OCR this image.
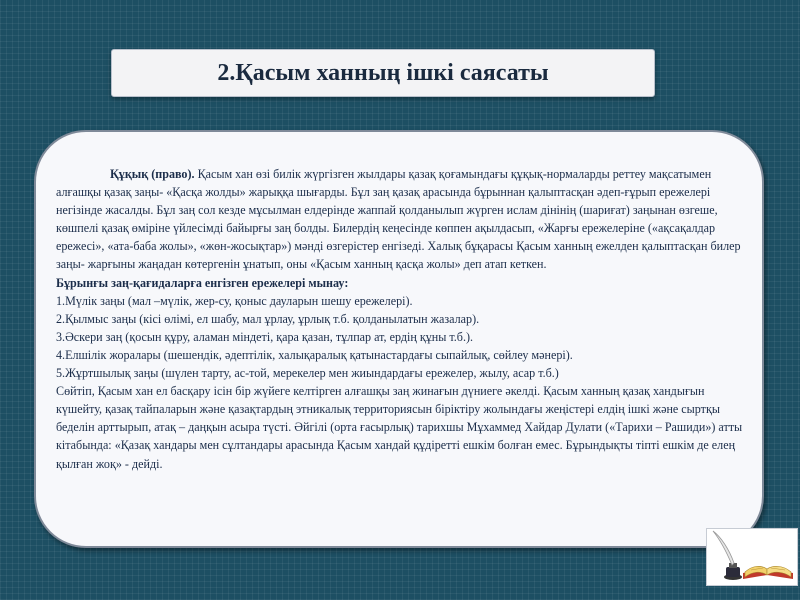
2.Қасым ханның ішкі саясаты

Құқық (право). Қасым хан өзі билік жүргізген жылдары қазақ қоғамындағы құқық-нормаларды реттеу мақсатымен алғашқы қазақ заңы- «Қасқа жолды» жарыққа шығарды. Бұл заң қазақ арасында бұрыннан қалыптасқан әдеп-ғұрып ережелері негізінде жасалды. Бұл заң сол кезде мұсылман елдерінде жаппай қолданылып жүрген ислам дінінің (шариғат) заңынан өзгеше, көшпелі қазақ өміріне үйлесімді байырғы заң болды. Билердің кеңесінде көппен ақылдасып, «Жарғы ережелеріне («ақсақалдар ережесі», «ата-баба жолы», «жөн-жосықтар») мәнді өзгерістер енгізеді. Халық бұқарасы Қасым ханның ежелден қалыптасқан билер заңы- жарғыны жаңадан көтергенін ұнатып, оны «Қасым ханның қасқа жолы» деп атап кеткен.

Бұрынғы заң-қағидаларға енгізген ережелері мынау:

1.Мүлік заңы (мал –мүлік, жер-су, қоныс дауларын шешу ережелері).

2.Қылмыс заңы (кісі өлімі, ел шабу, мал ұрлау, ұрлық т.б. қолданылатын жазалар).

3.Әскери заң (қосын құру, аламан міндеті, қара қазан, тұлпар ат, ердің құны т.б.).

4.Елшілік жоралары (шешендік, әдептілік, халықаралық қатынастардағы сыпайлық, сөйлеу мәнері).

5.Жұртшылық заңы (шүлен тарту, ас-той, мерекелер мен жиындардағы ережелер, жылу, асар т.б.)

Сөйтіп, Қасым хан ел басқару ісін бір жүйеге келтірген алғашқы заң жинағын дүниеге әкелді. Қасым ханның қазақ хандығын күшейту, қазақ тайпаларын және қазақтардың этникалық территориясын біріктіру жолындағы жеңістері елдің ішкі және сыртқы беделін арттырып, атақ – даңқын асыра түсті. Әйгілі (орта ғасырлық) тарихшы Мұхаммед Хайдар Дулати («Тарихи – Рашиди») атты кітабында: «Қазақ хандары мен сұлтандары арасында Қасым хандай құдіретті ешкім болған емес. Бұрындықты тіпті ешкім де елең қылған жоқ» - дейді.
